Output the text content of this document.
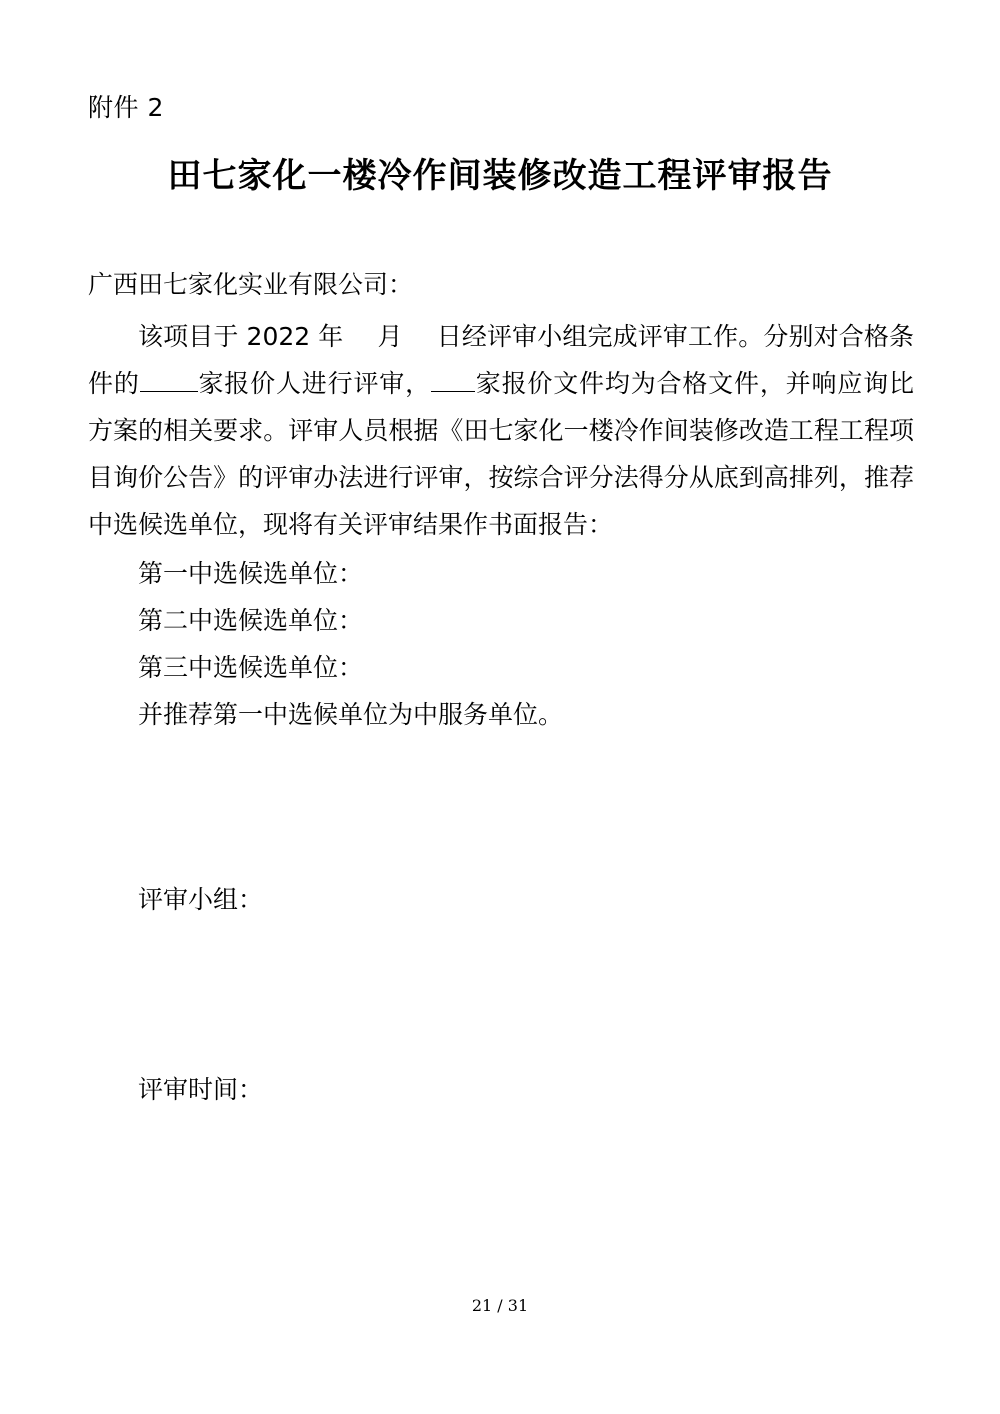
附件 2
田七家化一楼冷作间装修改造工程评审报告
广西田七家化实业有限公司：

该项目于 2022 年 月 日经评审小组完成评审工作。分别对合格条件的 家报价人进行评审， 家报价文件均为合格文件，并响应询比方案的相关要求。评审人员根据《田七家化一楼冷作间装修改造工程工程项目询价公告》的评审办法进行评审，按综合评分法得分从底到高排列，推荐中选候选单位，现将有关评审结果作书面报告：

第一中选候选单位：

第二中选候选单位：

第三中选候选单位：

并推荐第一中选候单位为中服务单位。

评审小组：

评审时间：

21 / 31
